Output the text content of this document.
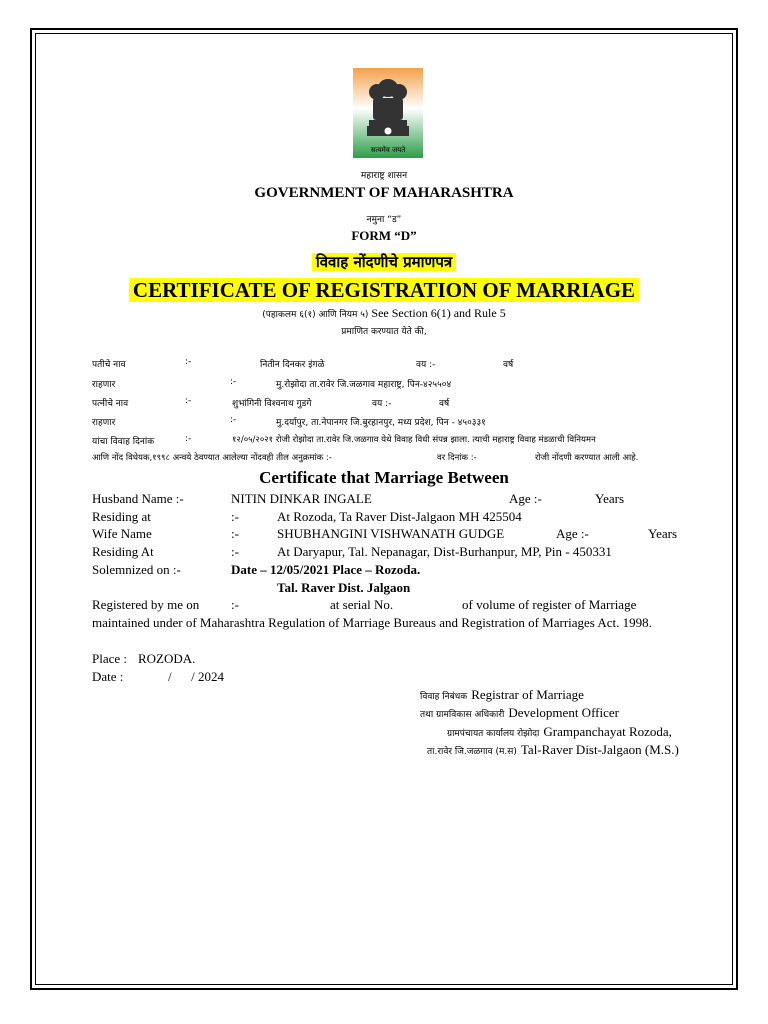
सत्यमेव जयते
महाराष्ट्र शासन
GOVERNMENT OF MAHARASHTRA
नमुना “ड”
FORM “D”
विवाह नोंदणीचे प्रमाणपत्र
CERTIFICATE OF REGISTRATION OF MARRIAGE
(पहाकलम ६(१) आणि नियम ५) See Section 6(1) and Rule 5
प्रमाणित करण्यात येते की,
पतीचे नाव	:-	नितीन दिनकर इंगळे	वय :-	वर्ष
राहणार	:-	मु.रोझोदा ता.रावेर जि.जळगाव महाराष्ट्र, पिन-४२५५०४
पत्नीचे नाव	:-	शुभांगिनी विश्वनाथ गुडगे	वय :-	वर्ष
राहणार	:-	मु.दर्यापुर, ता.नेपानगर जि.बुरहानपुर, मध्य प्रदेश, पिन - ४५०३३१
यांचा विवाह दिनांक	:-	१२/०५/२०२१ रोजी रोझोदा ता.रावेर जि.जळगाव येथे विवाह विधी संपन्न झाला. त्याची महाराष्ट्र विवाह मंडळाची विनियमन
आणि नोंद विधेयक,१९९८ अन्वये ठेवण्यात आलेल्या नोंदवही तील अनुक्रमांक :-	वर दिनांक :-	रोजी नोंदणी करण्यात आली आहे.
Certificate that Marriage Between
Husband Name :-	NITIN DINKAR INGALE	Age :-	Years
Residing at	:-	At Rozoda, Ta Raver Dist-Jalgaon MH 425504
Wife Name	:-	SHUBHANGINI VISHWANATH GUDGE	Age :-	Years
Residing At	:-	At Daryapur, Tal. Nepanagar, Dist-Burhanpur, MP, Pin - 450331
Solemnized on :-	Date – 12/05/2021 Place – Rozoda.
Tal. Raver Dist. Jalgaon
Registered by me on :-	at serial No.	of volume of register of Marriage
maintained under of Maharashtra Regulation of Marriage Bureaus and Registration of Marriages Act. 1998.
Place : ROZODA.
Date :	/      / 2024
विवाह निबंधक Registrar of Marriage
तथा ग्रामविकास अधिकारी Development Officer
ग्रामपंचायत कार्यालय रोझोदा Grampanchayat Rozoda,
ता.रावेर जि.जळगाव (म.स) Tal-Raver Dist-Jalgaon (M.S.)
